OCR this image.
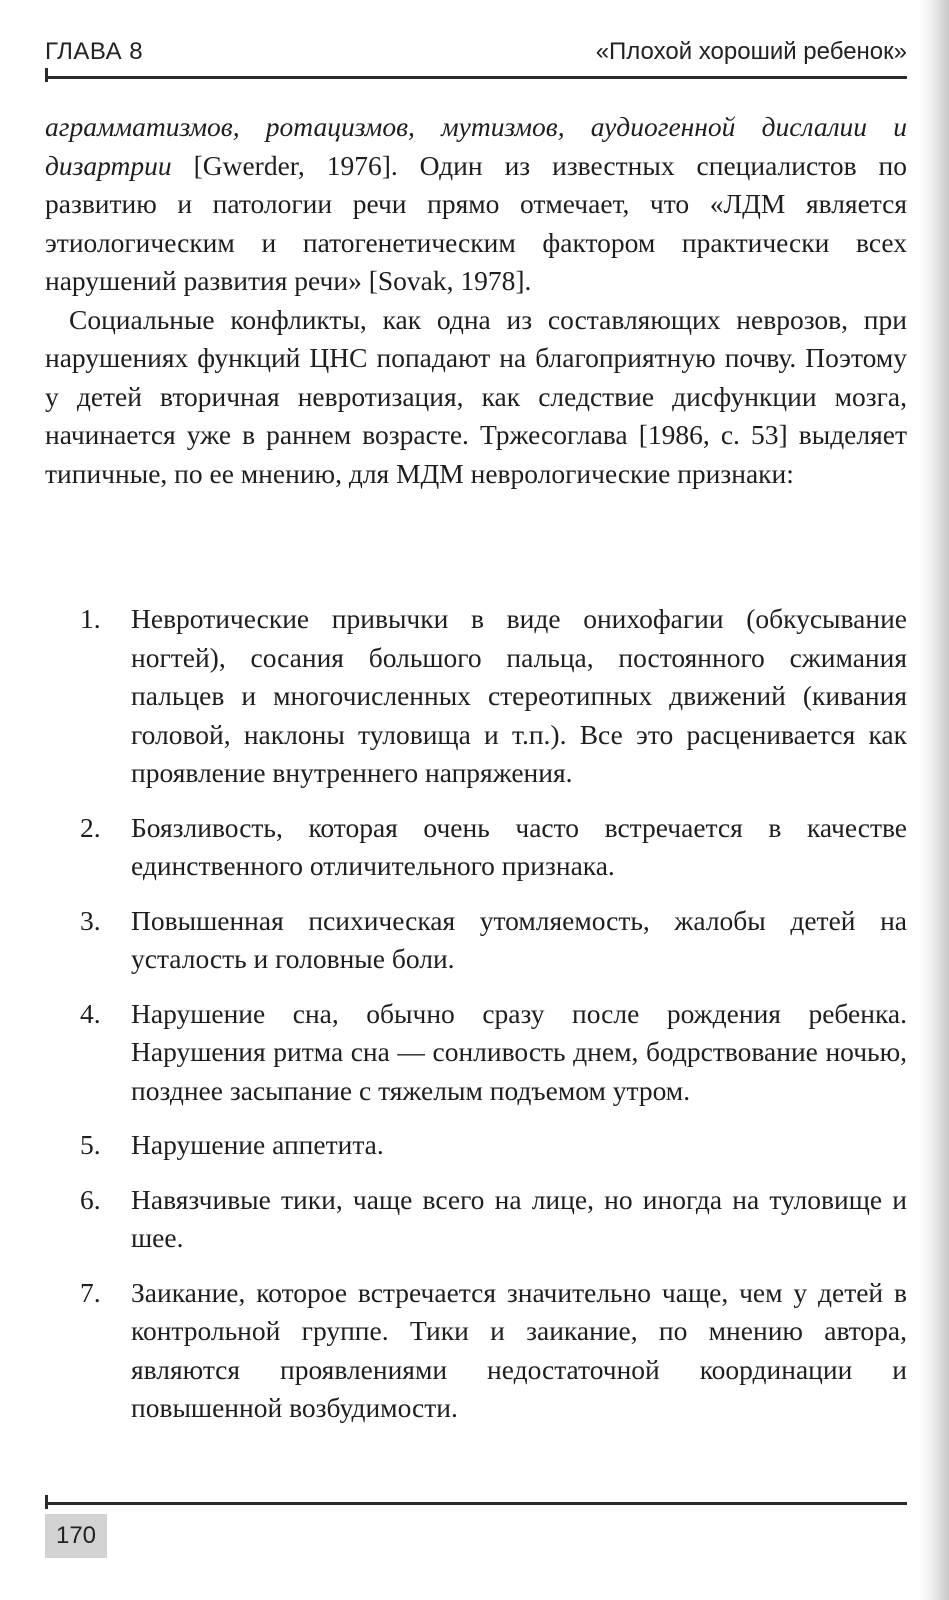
ГЛАВА 8	«Плохой хороший ребенок»

аграмматизмов, ротацизмов, мутизмов, аудиогенной дислалии и дизартрии [Gwerder, 1976]. Один из известных специалистов по развитию и патологии речи прямо отмечает, что «ЛДМ является этиологическим и патогенетическим фактором практически всех нарушений развития речи» [Sovak, 1978].

Социальные конфликты, как одна из составляющих неврозов, при нарушениях функций ЦНС попадают на благоприятную почву. Поэтому у детей вторичная невротизация, как следствие дисфункции мозга, начинается уже в раннем возрасте. Тржесоглава [1986, с. 53] выделяет типичные, по ее мнению, для МДМ неврологические признаки:

1. Невротические привычки в виде онихофагии (обкусывание ногтей), сосания большого пальца, постоянного сжимания пальцев и многочисленных стереотипных движений (кивания головой, наклоны туловища и т.п.). Все это расценивается как проявление внутреннего напряжения.
2. Боязливость, которая очень часто встречается в качестве единственного отличительного признака.
3. Повышенная психическая утомляемость, жалобы детей на усталость и головные боли.
4. Нарушение сна, обычно сразу после рождения ребенка. Нарушения ритма сна — сонливость днем, бодрствование ночью, позднее засыпание с тяжелым подъемом утром.
5. Нарушение аппетита.
6. Навязчивые тики, чаще всего на лице, но иногда на туловище и шее.
7. Заикание, которое встречается значительно чаще, чем у детей в контрольной группе. Тики и заикание, по мнению автора, являются проявлениями недостаточной координации и повышенной возбудимости.
170
